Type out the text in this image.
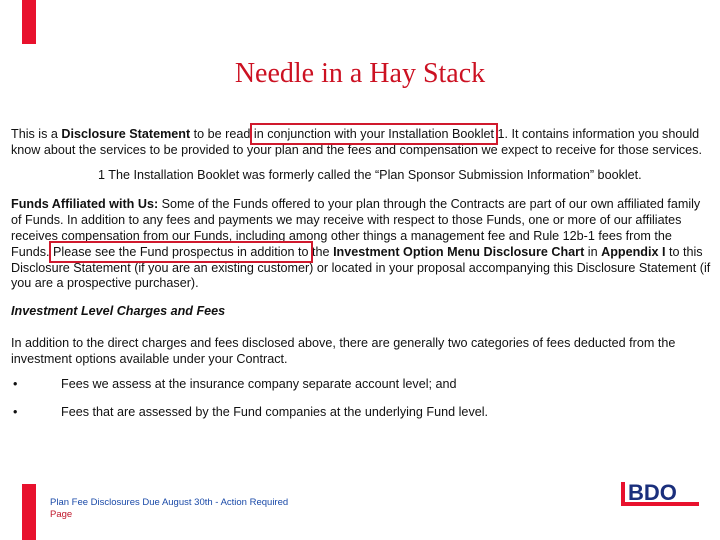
Needle in a Hay Stack

This is a Disclosure Statement to be read in conjunction with your Installation Booklet 1. It contains information you should know about the services to be provided to your plan and the fees and compensation we expect to receive for those services.

1 The Installation Booklet was formerly called the “Plan Sponsor Submission Information” booklet.

Funds Affiliated with Us: Some of the Funds offered to your plan through the Contracts are part of our own affiliated family of Funds. In addition to any fees and payments we may receive with respect to those Funds, one or more of our affiliates receives compensation from our Funds, including among other things a management fee and Rule 12b-1 fees from the Funds. Please see the Fund prospectus in addition to the Investment Option Menu Disclosure Chart in Appendix I to this Disclosure Statement (if you are an existing customer) or located in your proposal accompanying this Disclosure Statement (if you are a prospective purchaser).

Investment Level Charges and Fees

In addition to the direct charges and fees disclosed above, there are generally two categories of fees deducted from the investment options available under your Contract.

•	Fees we assess at the insurance company separate account level; and
•	Fees that are assessed by the Fund companies at the underlying Fund level.
Plan Fee Disclosures Due August 30th - Action Required
Page
BDO
